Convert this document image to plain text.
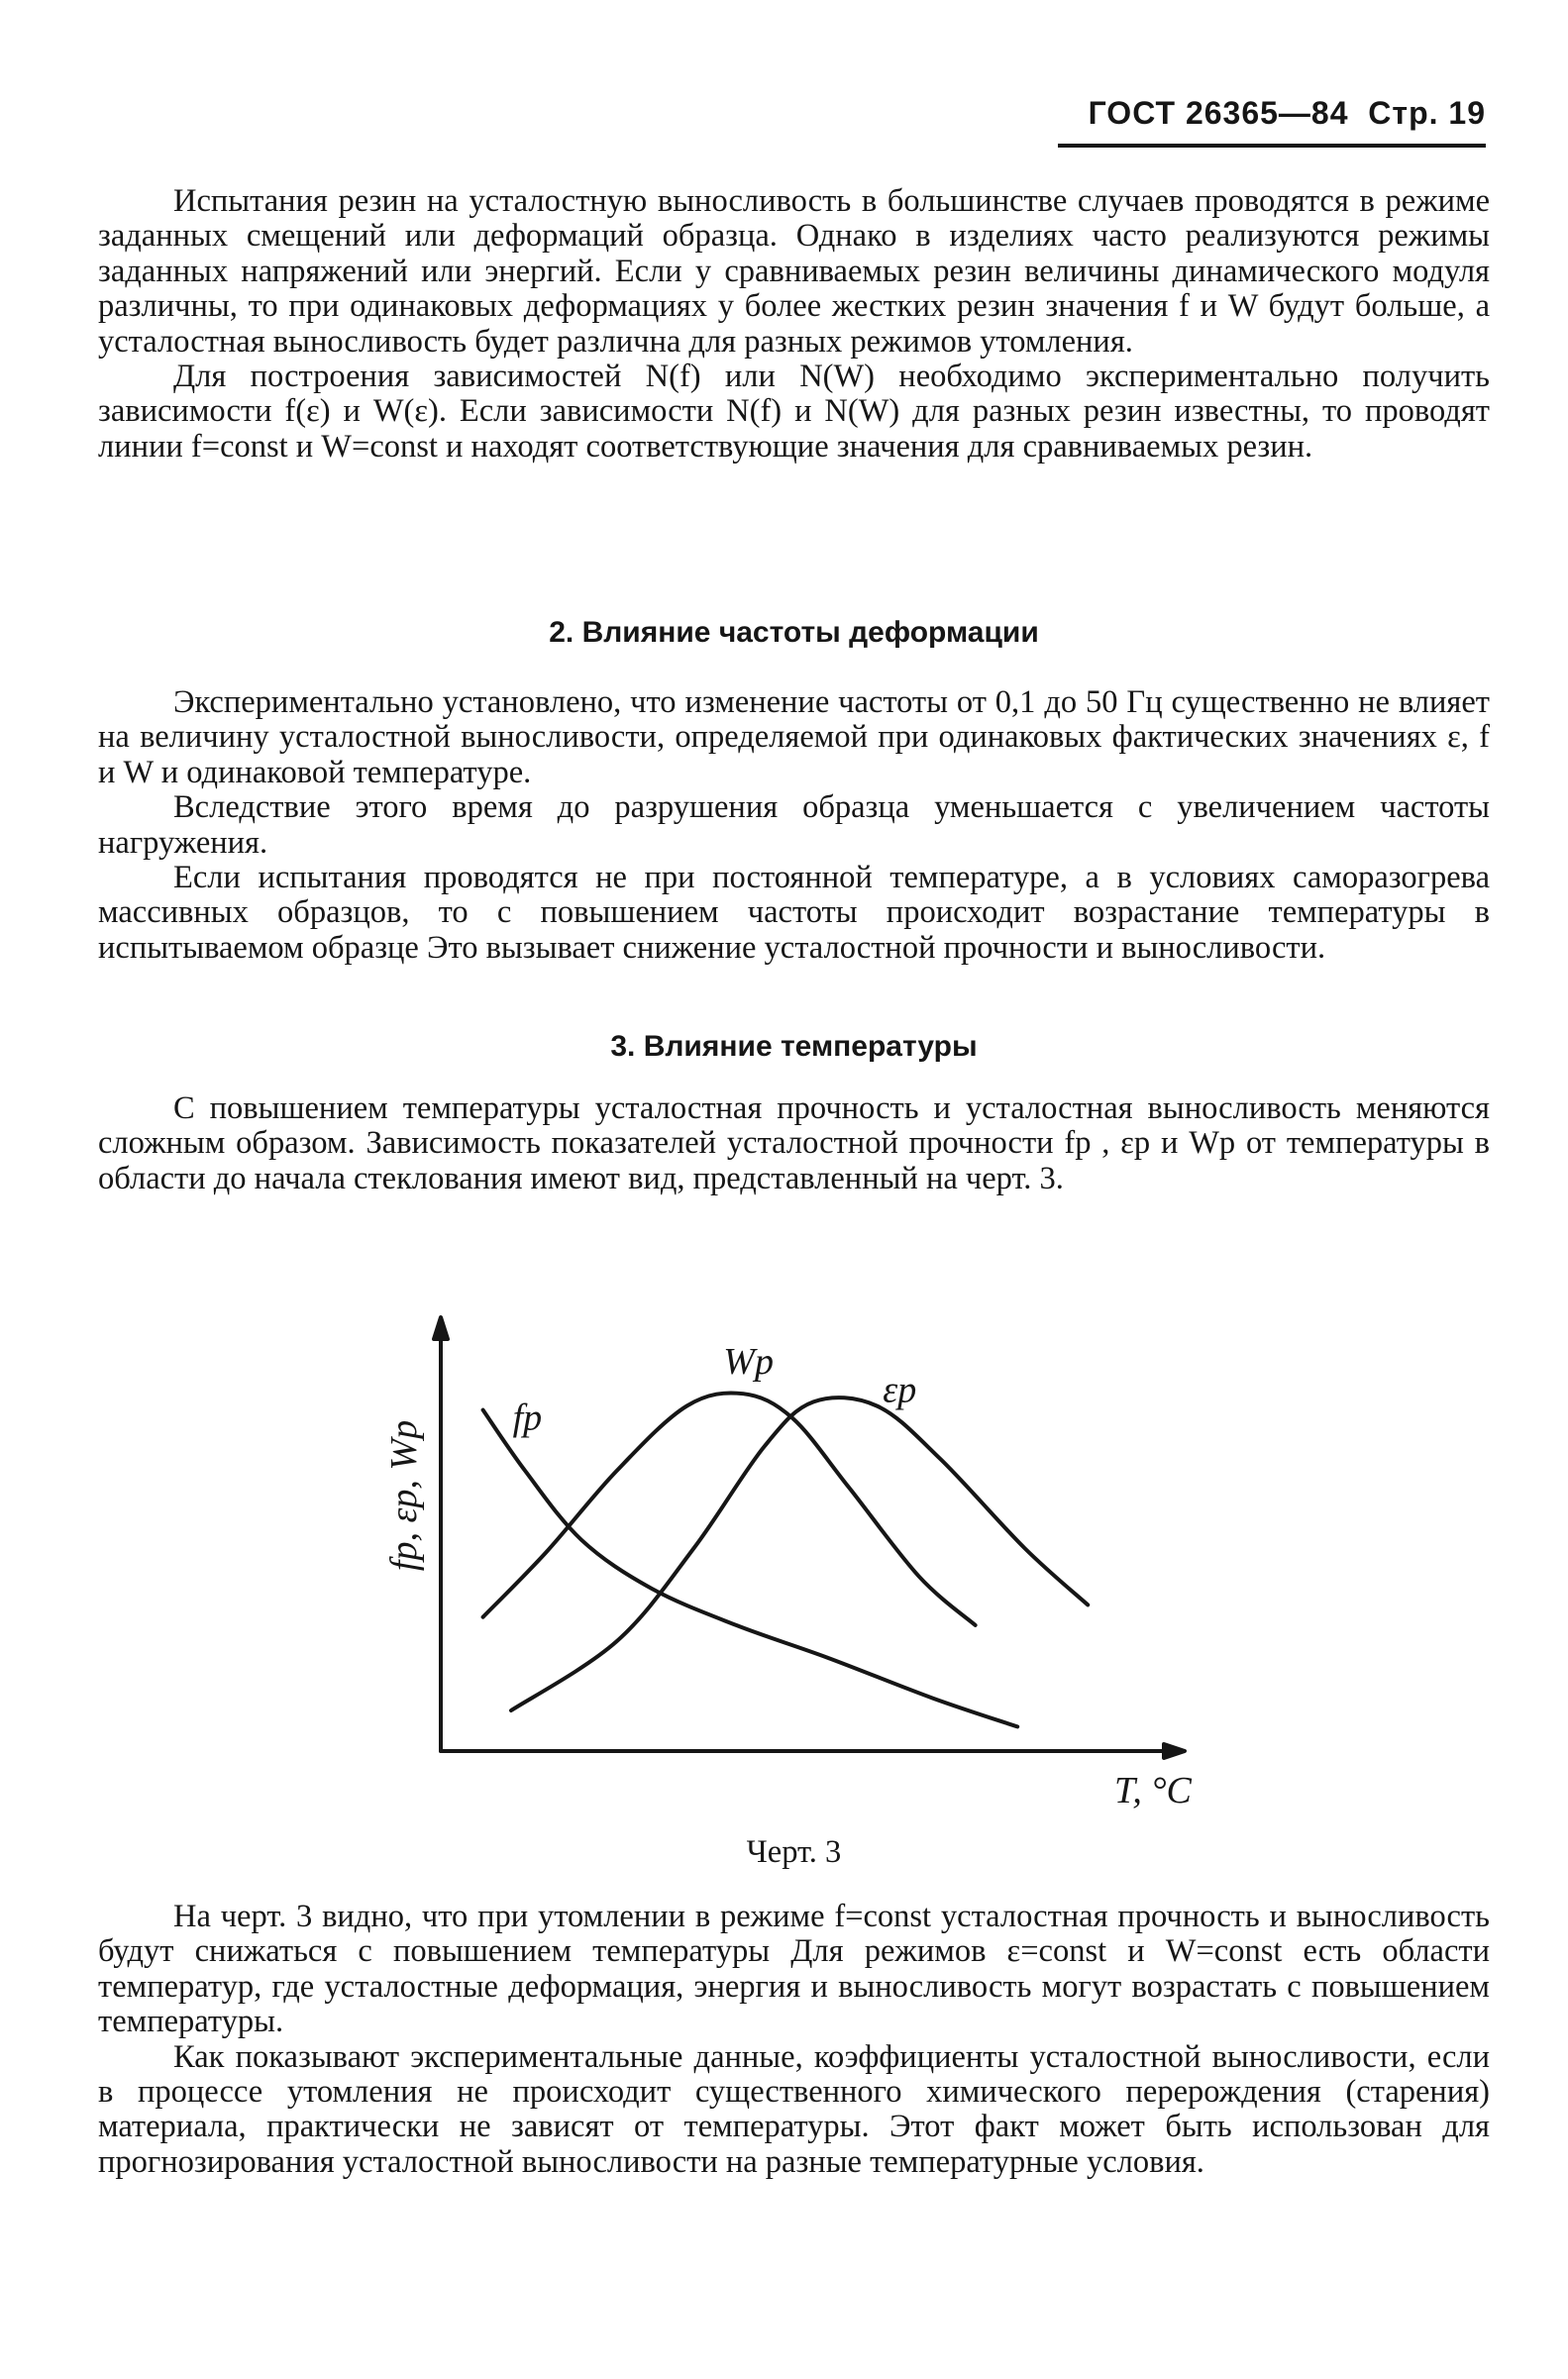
ГОСТ 26365—84 Стр. 19

Испытания резин на усталостную выносливость в большинстве случаев проводятся в режиме заданных смещений или деформаций образца. Однако в изделиях часто реализуются режимы заданных напряжений или энергий. Если у сравниваемых резин величины динамического модуля различны, то при одинаковых деформациях у более жестких резин значения f и W будут больше, а усталостная выносливость будет различна для разных режимов утомления.

Для построения зависимостей N(f) или N(W) необходимо экспериментально получить зависимости f(ε) и W(ε). Если зависимости N(f) и N(W) для разных резин известны, то проводят линии f=const и W=const и находят соответствующие значения для сравниваемых резин.

2. Влияние частоты деформации

Экспериментально установлено, что изменение частоты от 0,1 до 50 Гц существенно не влияет на величину усталостной выносливости, определяемой при одинаковых фактических значениях ε, f и W и одинаковой температуре.

Вследствие этого время до разрушения образца уменьшается с увеличением частоты нагружения.

Если испытания проводятся не при постоянной температуре, а в условиях саморазогрева массивных образцов, то с повышением частоты происходит возрастание температуры в испытываемом образце Это вызывает снижение усталостной прочности и выносливости.

3. Влияние температуры

С повышением температуры усталостная прочность и усталостная выносливость меняются сложным образом. Зависимость показателей усталостной прочности fp , εp и Wp от температуры в области до начала стеклования имеют вид, представленный на черт. 3.

T, °C
fp, εp, Wp
fp
Wp
εp
Черт. 3

На черт. 3 видно, что при утомлении в режиме f=const усталостная прочность и выносливость будут снижаться с повышением температуры Для режимов ε=const и W=const есть области температур, где усталостные деформация, энергия и выносливость могут возрастать с повышением температуры.

Как показывают экспериментальные данные, коэффициенты усталостной выносливости, если в процессе утомления не происходит существенного химического перерождения (старения) материала, практически не зависят от температуры. Этот факт может быть использован для прогнозирования усталостной выносливости на разные температурные условия.
